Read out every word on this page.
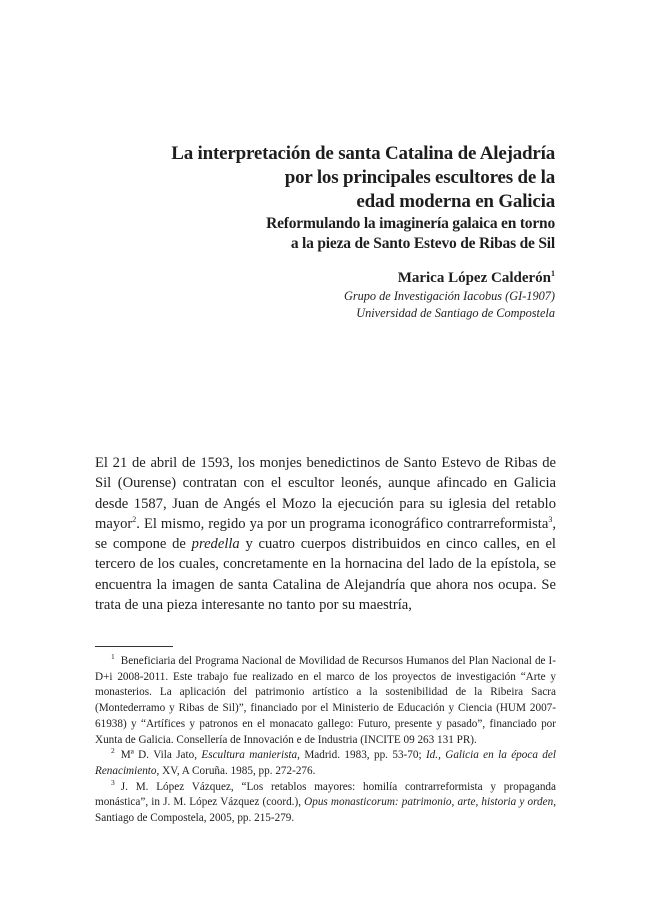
La interpretación de santa Catalina de Alejadría
por los principales escultores de la
edad moderna en Galicia
Reformulando la imaginería galaica en torno
a la pieza de Santo Estevo de Ribas de Sil
Marica López Calderón$^1$
Grupo de Investigación Iacobus (GI-1907)
Universidad de Santiago de Compostela

El 21 de abril de 1593, los monjes benedictinos de Santo Estevo de Ribas de Sil (Ourense) contratan con el escultor leonés, aunque afincado en Galicia desde 1587, Juan de Angés el Mozo la ejecución para su iglesia del retablo mayor$^2$. El mismo, regido ya por un programa iconográfico contrarreformista$^3$, se compone de predella y cuatro cuerpos distribuidos en cinco calles, en el tercero de los cuales, concretamente en la hornacina del lado de la epístola, se encuentra la imagen de santa Catalina de Alejandría que ahora nos ocupa. Se trata de una pieza interesante no tanto por su maestría,

$^1$ Beneficiaria del Programa Nacional de Movilidad de Recursos Humanos del Plan Nacional de I-D+i 2008-2011. Este trabajo fue realizado en el marco de los proyectos de investigación “Arte y monasterios. La aplicación del patrimonio artístico a la sostenibilidad de la Ribeira Sacra (Montederramo y Ribas de Sil)”, financiado por el Ministerio de Educación y Ciencia (HUM 2007-61938) y “Artífices y patronos en el monacato gallego: Futuro, presente y pasado”, financiado por Xunta de Galicia. Consellería de Innovación e de Industria (INCITE 09 263 131 PR).

$^2$ Mª D. Vila Jato, Escultura manierista, Madrid. 1983, pp. 53-70; Id., Galicia en la época del Renacimiento, XV, A Coruña. 1985, pp. 272-276.

$^3$ J. M. López Vázquez, “Los retablos mayores: homilía contrarreformista y propaganda monástica”, in J. M. López Vázquez (coord.), Opus monasticorum: patrimonio, arte, historia y orden, Santiago de Compostela, 2005, pp. 215-279.
